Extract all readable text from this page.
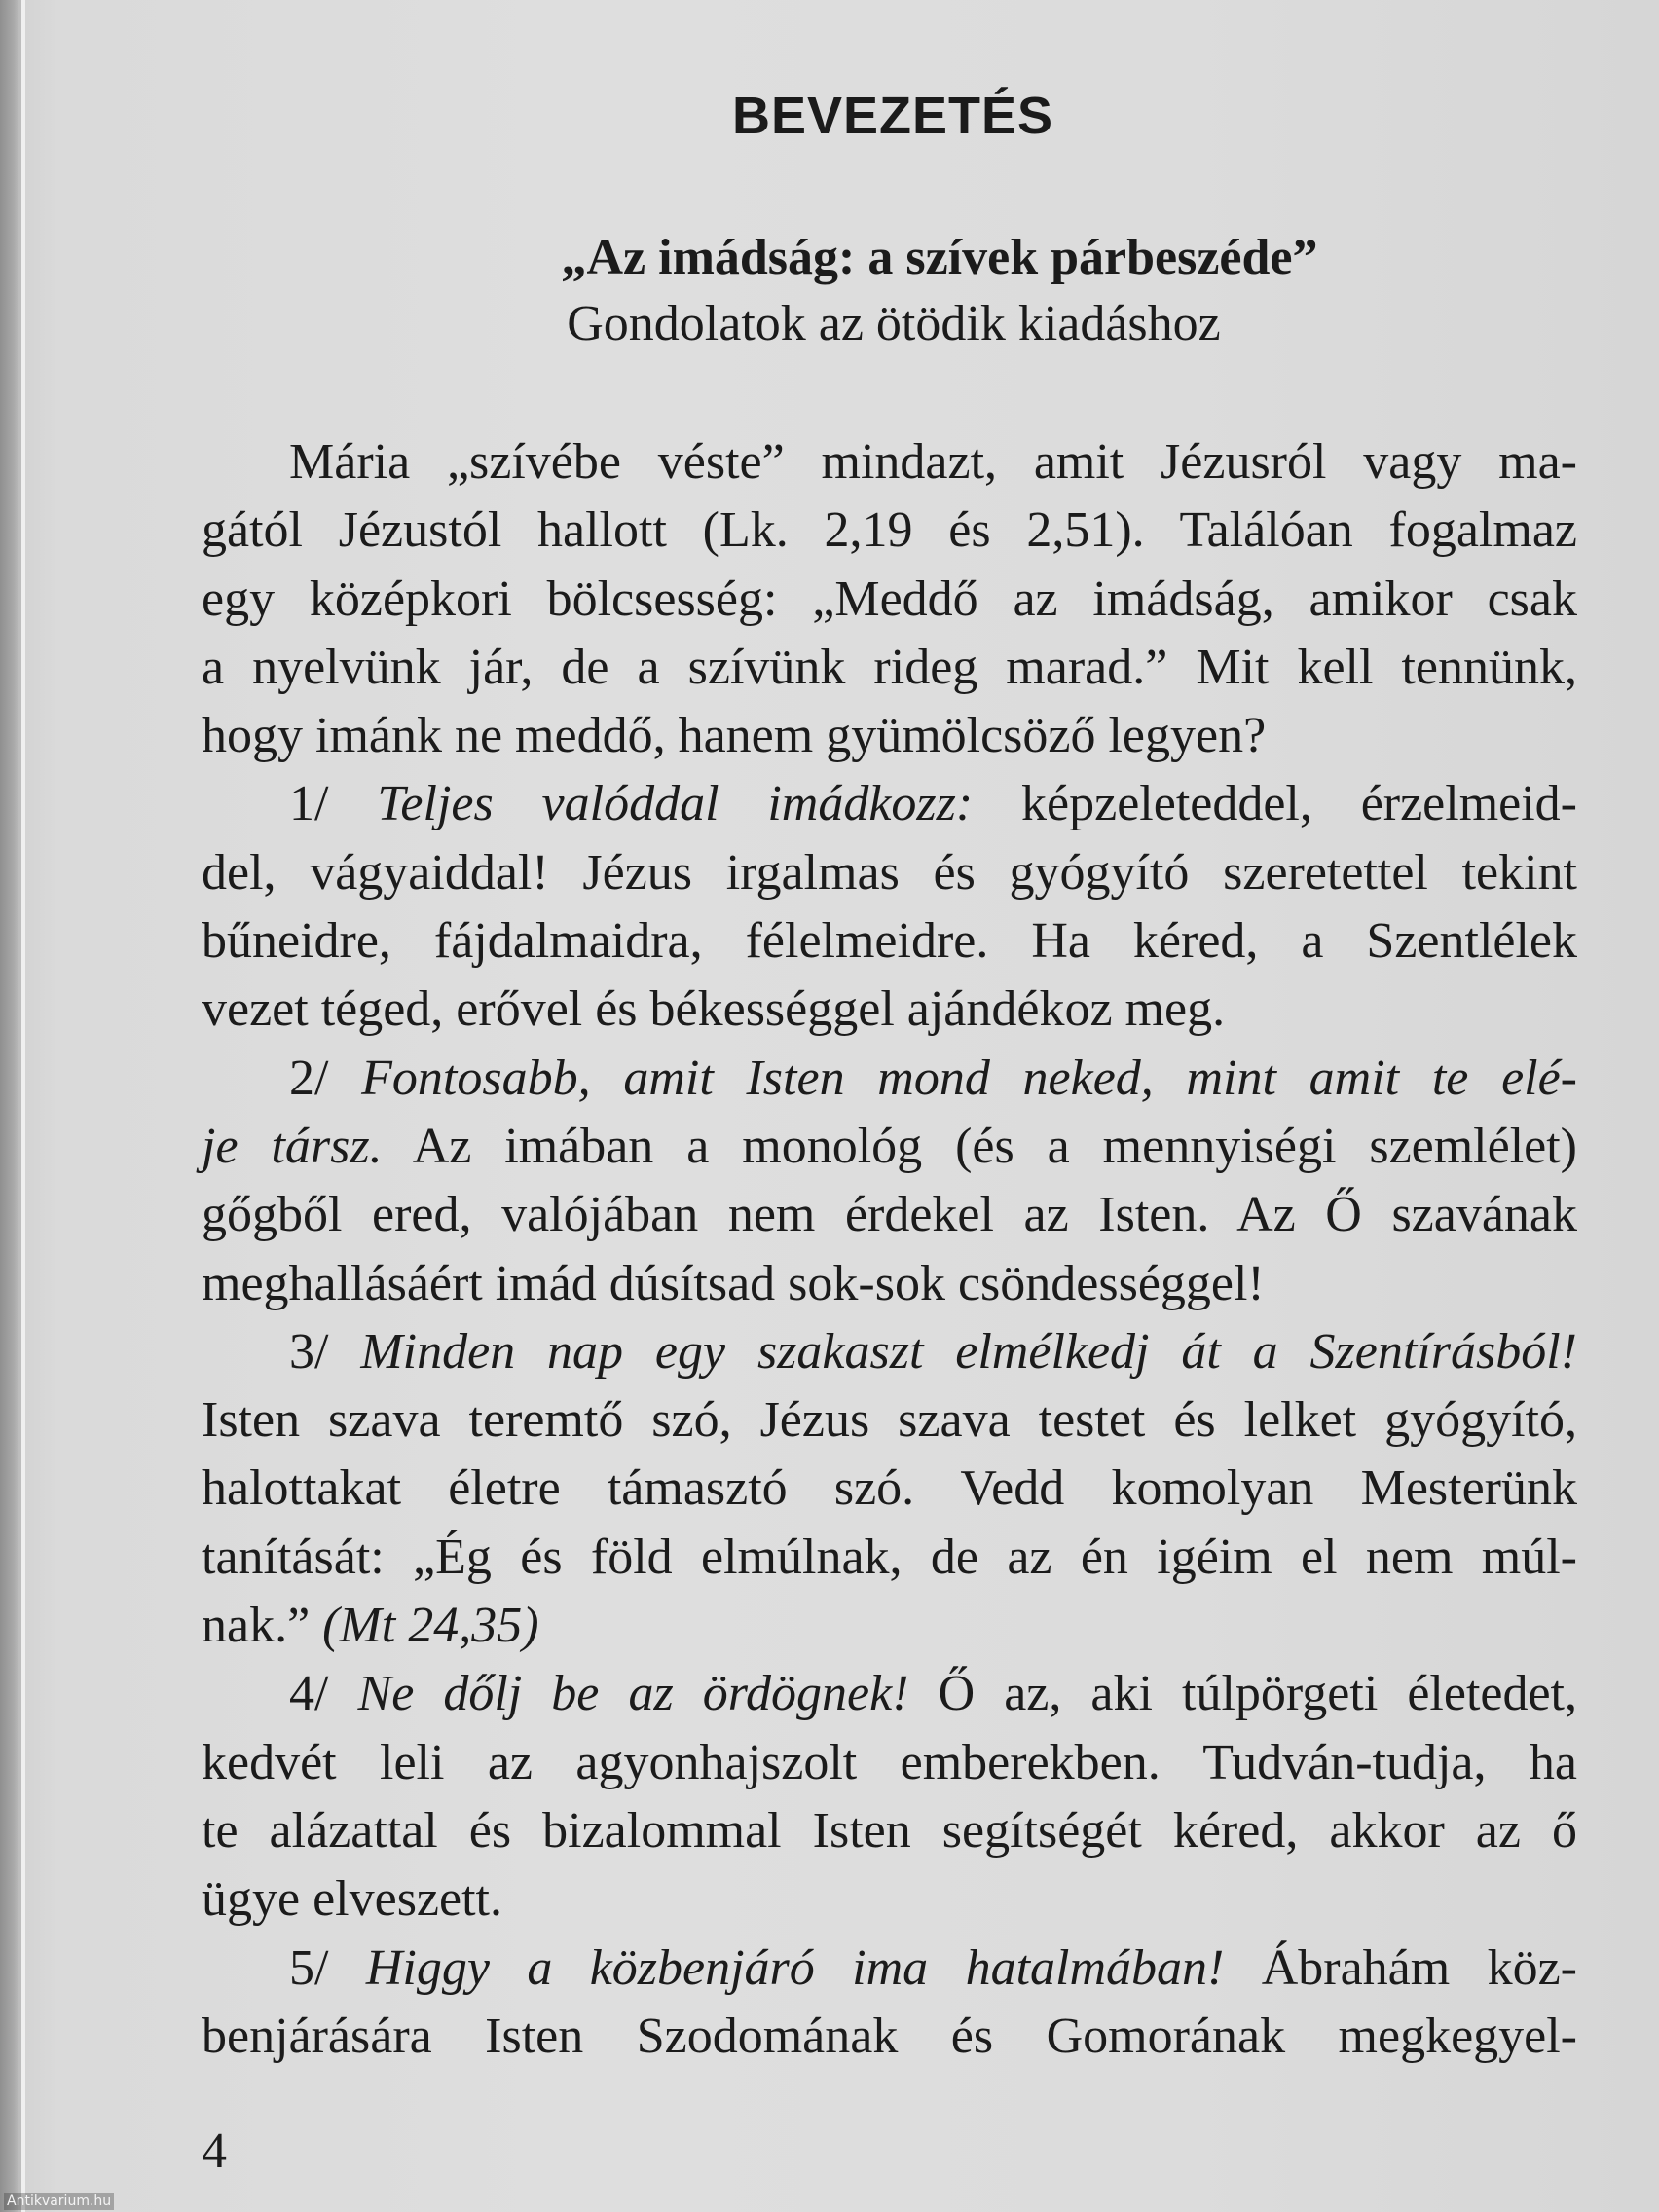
BEVEZETÉS
„Az imádság: a szívek párbeszéde”
Gondolatok az ötödik kiadáshoz
Mária „szívébe véste” mindazt, amit Jézusról vagy ma-
gától Jézustól hallott (Lk. 2,19 és 2,51). Találóan fogalmaz
egy középkori bölcsesség: „Meddő az imádság, amikor csak
a nyelvünk jár, de a szívünk rideg marad.” Mit kell tennünk,
hogy imánk ne meddő, hanem gyümölcsöző legyen?
1/ Teljes valóddal imádkozz: képzeleteddel, érzelmeid-
del, vágyaiddal! Jézus irgalmas és gyógyító szeretettel tekint
bűneidre, fájdalmaidra, félelmeidre. Ha kéred, a Szentlélek
vezet téged, erővel és békességgel ajándékoz meg.
2/ Fontosabb, amit Isten mond neked, mint amit te elé-
je társz. Az imában a monológ (és a mennyiségi szemlélet)
gőgből ered, valójában nem érdekel az Isten. Az Ő szavának
meghallásáért imád dúsítsad sok-sok csöndességgel!
3/ Minden nap egy szakaszt elmélkedj át a Szentírásból!
Isten szava teremtő szó, Jézus szava testet és lelket gyógyító,
halottakat életre támasztó szó. Vedd komolyan Mesterünk
tanítását: „Ég és föld elmúlnak, de az én igéim el nem múl-
nak.” (Mt 24,35)
4/ Ne dőlj be az ördögnek! Ő az, aki túlpörgeti életedet,
kedvét leli az agyonhajszolt emberekben. Tudván-tudja, ha
te alázattal és bizalommal Isten segítségét kéred, akkor az ő
ügye elveszett.
5/ Higgy a közbenjáró ima hatalmában! Ábrahám köz-
benjárására Isten Szodomának és Gomorának megkegyel-
4
Antikvarium.hu
